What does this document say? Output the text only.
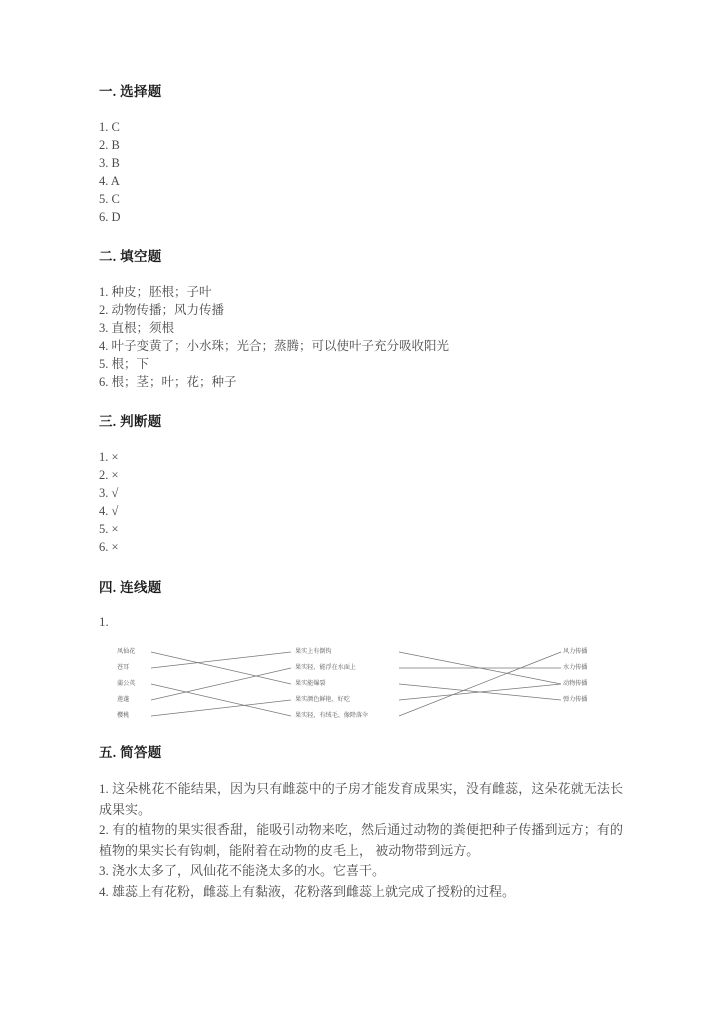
一. 选择题

1. C

2. B

3. B

4. A

5. C

6. D

二. 填空题

1. 种皮；胚根；子叶

2. 动物传播；风力传播

3. 直根；须根

4. 叶子变黄了；小水珠；光合；蒸腾；可以使叶子充分吸收阳光

5. 根；下

6. 根；茎；叶；花；种子

三. 判断题

1. ×

2. ×

3. √

4. √

5. ×

6. ×

四. 连线题

1.

凤仙花
苍耳
蒲公英
莲蓬
樱桃
果实上有倒钩
果实轻、能浮在水面上
果实能爆裂
果实颜色鲜艳、好吃
果实轻、有绒毛、像降落伞
风力传播
水力传播
动物传播
弹力传播
五. 简答题

1. 这朵桃花不能结果，因为只有雌蕊中的子房才能发育成果实，没有雌蕊，这朵花就无法长成果实。

2. 有的植物的果实很香甜，能吸引动物来吃，然后通过动物的粪便把种子传播到远方；有的植物的果实长有钩刺，能附着在动物的皮毛上， 被动物带到远方。

3. 浇水太多了，风仙花不能浇太多的水。它喜干。

4. 雄蕊上有花粉，雌蕊上有黏液，花粉落到雌蕊上就完成了授粉的过程。
